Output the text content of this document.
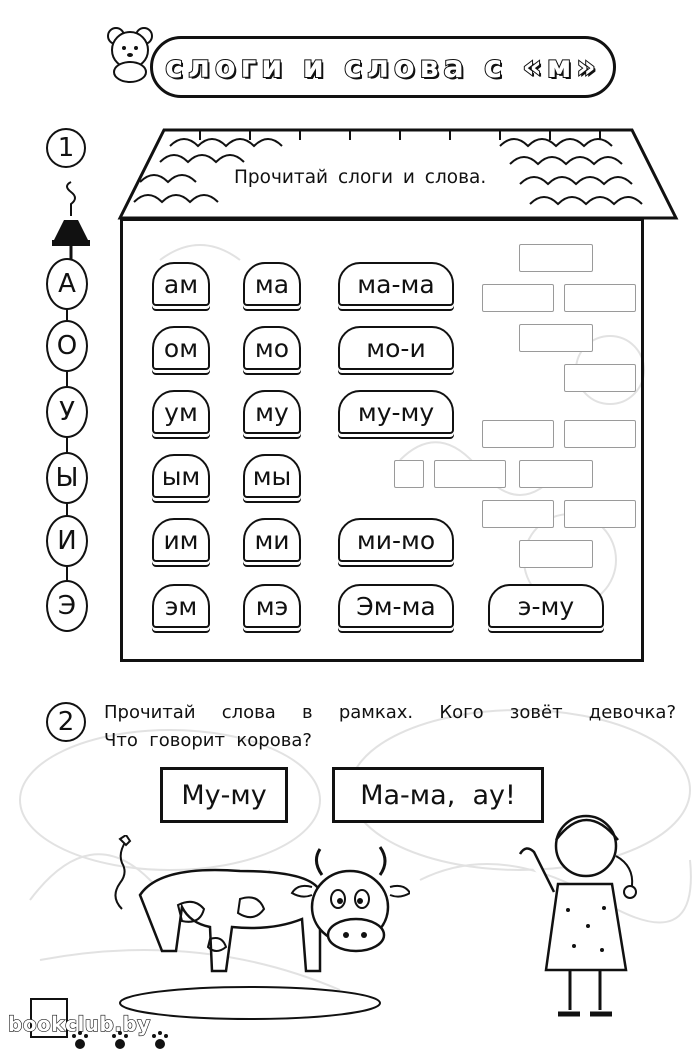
слоги и слова с «м»
1
Прочитай слоги и слова.
А
О
У
Ы
И
Э
ам	ма	ма-ма
ом	мо	мо-и
ум	му	му-му
ым	мы
им	ми	ми-мо
эм	мэ	Эм-ма	э-му
2	Прочитай слова в рамках. Кого зовёт девочка?
Что  говорит  корова?
Му-му	Ма-ма,  ау!
bookclub.by
